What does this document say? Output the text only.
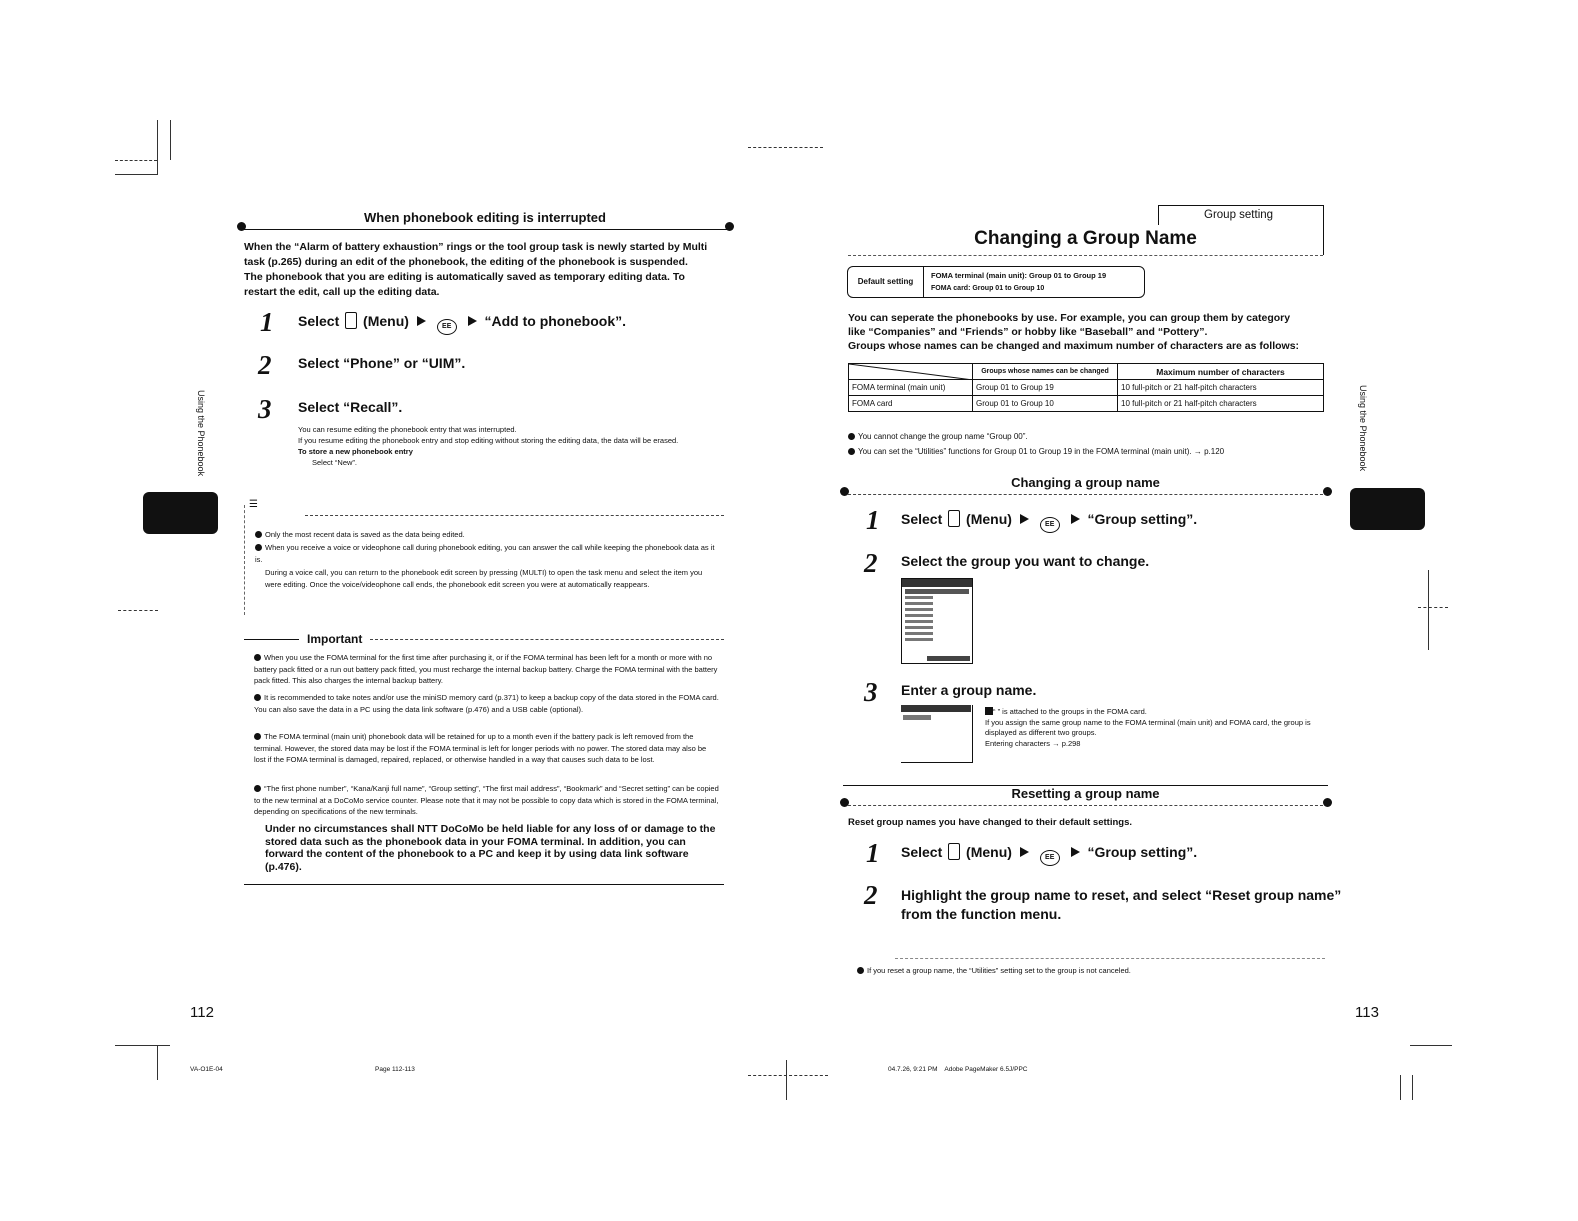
When phonebook editing is interrupted

When the “Alarm of battery exhaustion” rings or the tool group task is newly started by Multi task (p.265) during an edit of the phonebook, the editing of the phonebook is suspended. The phonebook that you are editing is automatically saved as temporary editing data. To restart the edit, call up the editing data.

1 Select (Menu)	EE “Add to phonebook”.
2 Select “Phone” or “UIM”.
3 Select “Recall”.
You can resume editing the phonebook entry that was interrupted.
If you resume editing the phonebook entry and stop editing without storing the editing data, the data will be erased.
To store a new phonebook entry
Select “New”.
☰
Only the most recent data is saved as the data being edited.
When you receive a voice or videophone call during phonebook editing, you can answer the call while keeping the phonebook data as it is.
During a voice call, you can return to the phonebook edit screen by pressing (MULTI) to open the task menu and select the item you were editing. Once the voice/videophone call ends, the phonebook edit screen you were at automatically reappears.
Important
When you use the FOMA terminal for the first time after purchasing it, or if the FOMA terminal has been left for a month or more with no battery pack fitted or a run out battery pack fitted, you must recharge the internal backup battery. Charge the FOMA terminal with the battery pack fitted. This also charges the internal backup battery.
It is recommended to take notes and/or use the miniSD memory card (p.371) to keep a backup copy of the data stored in the FOMA card. You can also save the data in a PC using the data link software (p.476) and a USB cable (optional).
The FOMA terminal (main unit) phonebook data will be retained for up to a month even if the battery pack is left removed from the terminal. However, the stored data may be lost if the FOMA terminal is left for longer periods with no power. The stored data may also be lost if the FOMA terminal is damaged, repaired, replaced, or otherwise handled in a way that causes such data to be lost.
“The first phone number”, “Kana/Kanji full name”, “Group setting”, “The first mail address”, “Bookmark” and “Secret setting” can be copied to the new terminal at a DoCoMo service counter. Please note that it may not be possible to copy data which is stored in the FOMA terminal, depending on specifications of the new terminals.
Under no circumstances shall NTT DoCoMo be held liable for any loss of or damage to the stored data such as the phonebook data in your FOMA terminal. In addition, you can forward the content of the phonebook to a PC and keep it by using data link software (p.476).
Using the Phonebook
112
VA-O1E-04	Page 112-113
Group setting
Changing a Group Name
Default setting
FOMA terminal (main unit): Group 01 to Group 19
FOMA card: Group 01 to Group 10
You can seperate the phonebooks by use. For example, you can group them by category
like “Companies” and “Friends” or hobby like “Baseball” and “Pottery”.
Groups whose names can be changed and maximum number of characters are as follows:
	Groups whose names can be changed	Maximum number of characters
FOMA terminal (main unit)	Group 01 to Group 19	10 full-pitch or 21 half-pitch characters
FOMA card	Group 01 to Group 10	10 full-pitch or 21 half-pitch characters
You cannot change the group name “Group 00”.
You can set the “Utilities” functions for Group 01 to Group 19 in the FOMA terminal (main unit). → p.120
Changing a group name
1 Select (Menu)	EE “Group setting”.
2 Select the group you want to change.
3 Enter a group name.
“ ” is attached to the groups in the FOMA card.
If you assign the same group name to the FOMA terminal (main unit) and FOMA card, the group is displayed as different two groups.
Entering characters → p.298
Resetting a group name
Reset group names you have changed to their default settings.
1 Select (Menu)	EE “Group setting”.
2 Highlight the group name to reset, and select “Reset group name”
from the function menu.
If you reset a group name, the “Utilities” setting set to the group is not canceled.
Using the Phonebook
113
04.7.26, 9:21 PM    Adobe PageMaker 6.5J/PPC
